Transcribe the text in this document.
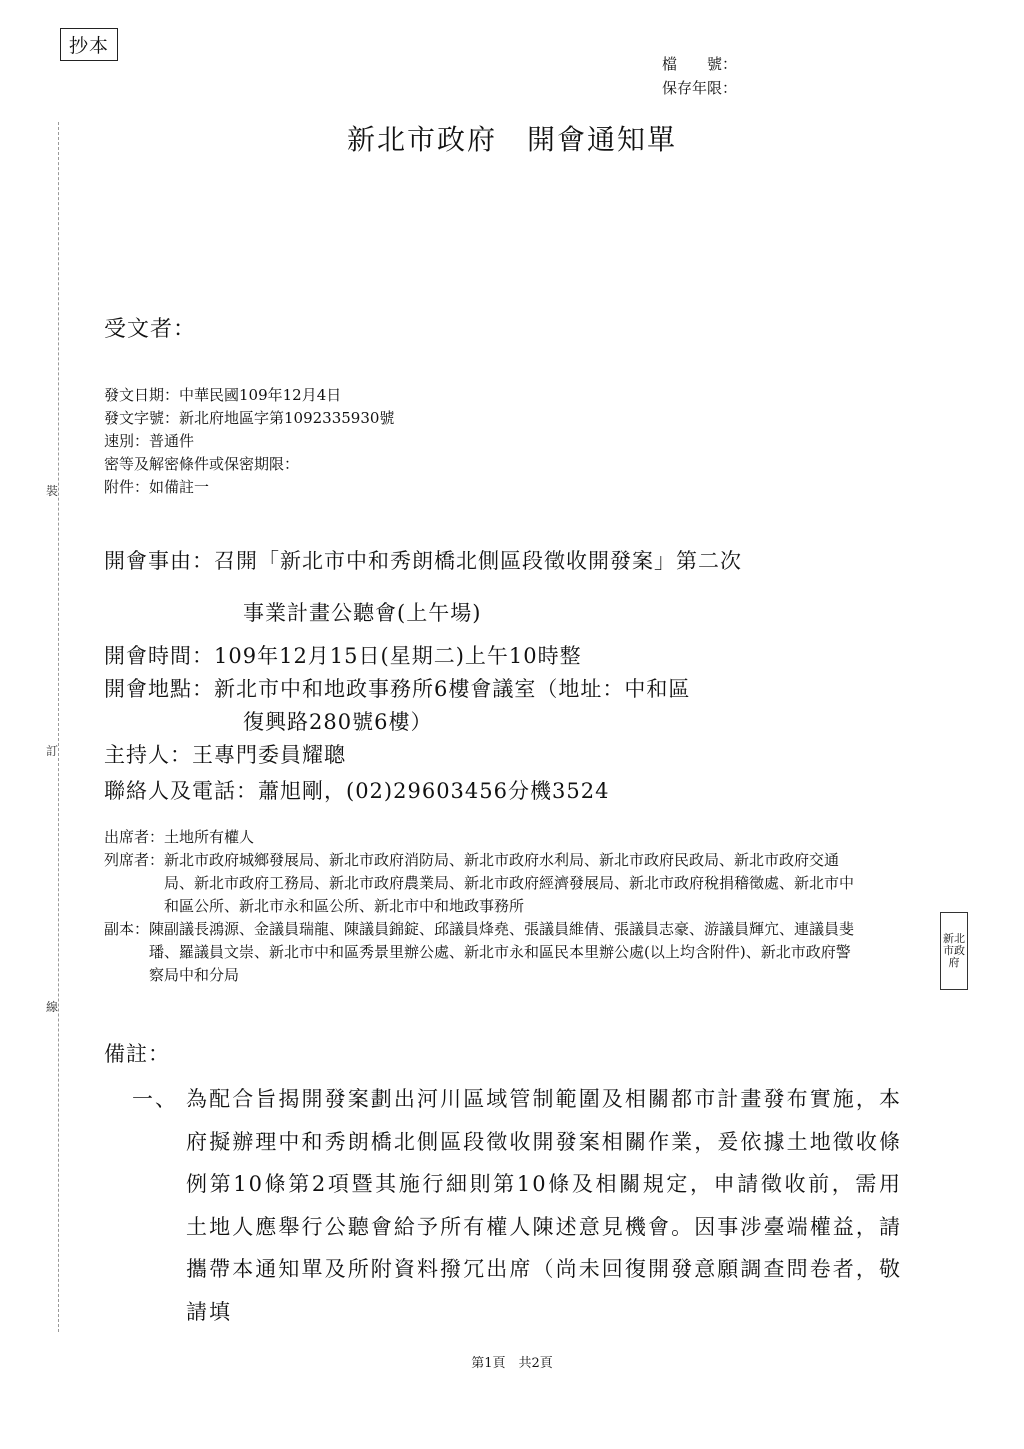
抄本
檔　　號：
保存年限：
新北市政府　開會通知單
裝
訂
線
受文者：
發文日期：中華民國109年12月4日
發文字號：新北府地區字第1092335930號
速別：普通件
密等及解密條件或保密期限：
附件：如備註一
開會事由：召開「新北市中和秀朗橋北側區段徵收開發案」第二次
事業計畫公聽會(上午場)
開會時間：109年12月15日(星期二)上午10時整
開會地點：新北市中和地政事務所6樓會議室（地址：中和區
復興路280號6樓）
主持人：王專門委員耀聰
聯絡人及電話：蕭旭剛，(02)29603456分機3524
出席者： 土地所有權人
列席者： 新北市政府城鄉發展局、新北市政府消防局、新北市政府水利局、新北市政府民政局、新北市政府交通局、新北市政府工務局、新北市政府農業局、新北市政府經濟發展局、新北市政府稅捐稽徵處、新北市中和區公所、新北市永和區公所、新北市中和地政事務所
副本： 陳副議長鴻源、金議員瑞龍、陳議員錦錠、邱議員烽堯、張議員維倩、張議員志豪、游議員輝宂、連議員斐璠、羅議員文崇、新北市中和區秀景里辦公處、新北市永和區民本里辦公處(以上均含附件)、新北市政府警察局中和分局
新北市政府
備註：
一、 為配合旨揭開發案劃出河川區域管制範圍及相關都市計畫發布實施，本府擬辦理中和秀朗橋北側區段徵收開發案相關作業，爰依據土地徵收條例第10條第2項暨其施行細則第10條及相關規定，申請徵收前，需用土地人應舉行公聽會給予所有權人陳述意見機會。因事涉臺端權益，請攜帶本通知單及所附資料撥冗出席（尚未回復開發意願調查問卷者，敬請填
第1頁　共2頁
